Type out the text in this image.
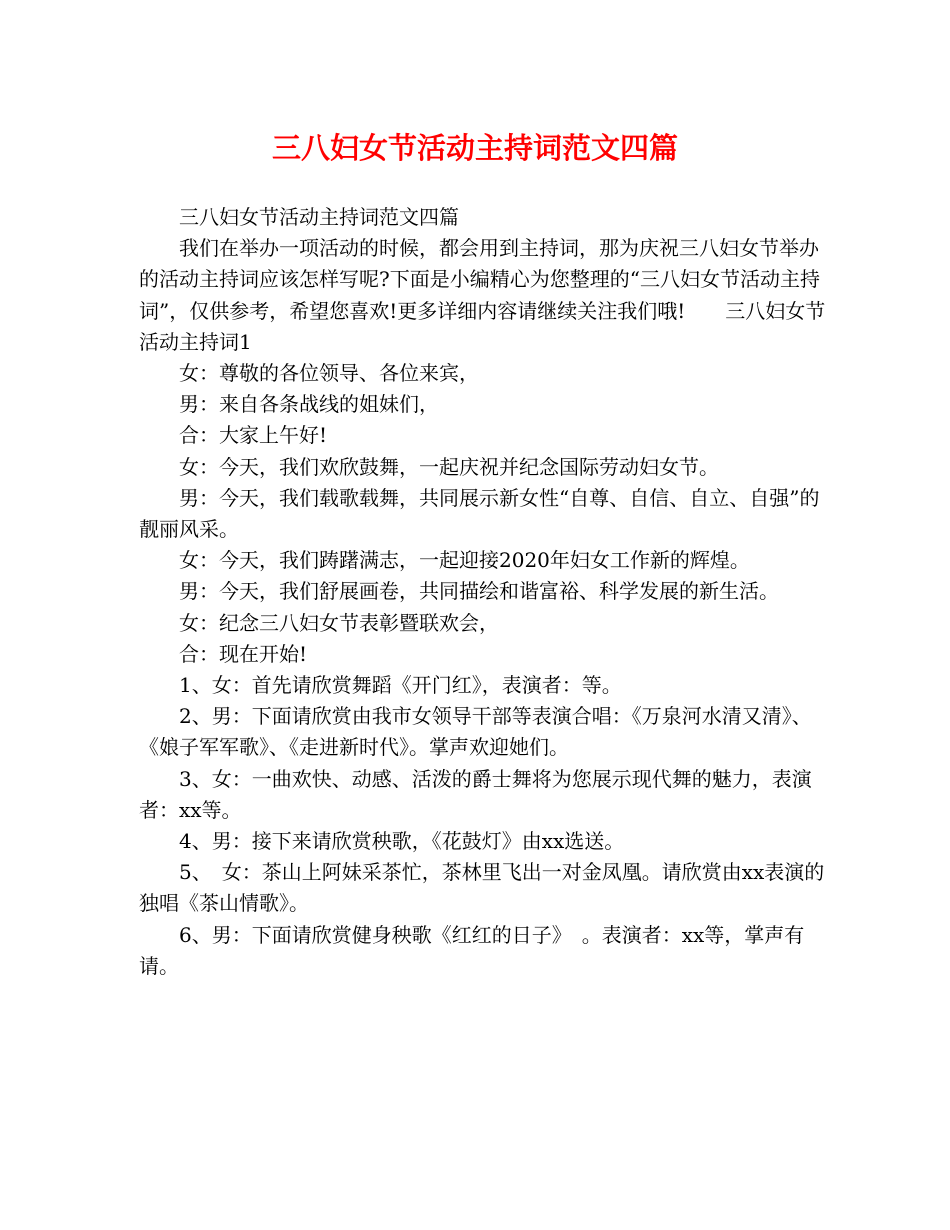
三八妇女节活动主持词范文四篇

三八妇女节活动主持词范文四篇

我们在举办一项活动的时候，都会用到主持词，那为庆祝三八妇女节举办的活动主持词应该怎样写呢?下面是小编精心为您整理的“三八妇女节活动主持词”，仅供参考，希望您喜欢!更多详细内容请继续关注我们哦!　　三八妇女节活动主持词1

女：尊敬的各位领导、各位来宾，

男：来自各条战线的姐妹们，

合：大家上午好!

女：今天，我们欢欣鼓舞，一起庆祝并纪念国际劳动妇女节。

男：今天，我们载歌载舞，共同展示新女性“自尊、自信、自立、自强”的靓丽风采。

女：今天，我们踌躇满志，一起迎接2020年妇女工作新的辉煌。

男：今天，我们舒展画卷，共同描绘和谐富裕、科学发展的新生活。

女：纪念三八妇女节表彰暨联欢会，

合：现在开始!

1、女：首先请欣赏舞蹈《开门红》，表演者：等。

2、男：下面请欣赏由我市女领导干部等表演合唱：《万泉河水清又清》、《娘子军军歌》、《走进新时代》。掌声欢迎她们。

3、女：一曲欢快、动感、活泼的爵士舞将为您展示现代舞的魅力，表演者：xx等。

4、男：接下来请欣赏秧歌，《花鼓灯》由xx选送。

5、　女：茶山上阿妹采茶忙，茶林里飞出一对金凤凰。请欣赏由xx表演的独唱《茶山情歌》。

6、男：下面请欣赏健身秧歌《红红的日子》　。表演者：xx等，掌声有请。
